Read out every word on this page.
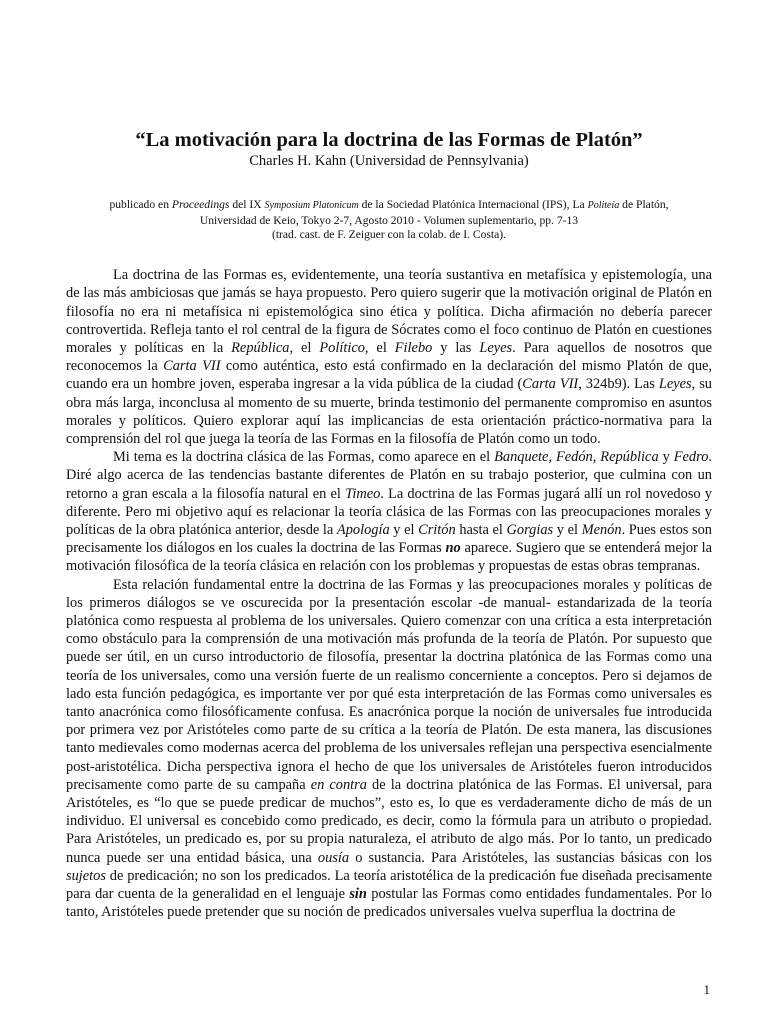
“La motivación para la doctrina de las Formas de Platón”

Charles H. Kahn (Universidad de Pennsylvania)

publicado en Proceedings del IX Symposium Platonicum de la Sociedad Platónica Internacional (IPS), La Politeía de Platón,
Universidad de Keio, Tokyo 2-7, Agosto 2010 - Volumen suplementario, pp. 7-13
(trad. cast. de F. Zeiguer con la colab. de I. Costa).

La doctrina de las Formas es, evidentemente, una teoría sustantiva en metafísica y epistemología, una de las más ambiciosas que jamás se haya propuesto. Pero quiero sugerir que la motivación original de Platón en filosofía no era ni metafísica ni epistemológica sino ética y política. Dicha afirmación no debería parecer controvertida. Refleja tanto el rol central de la figura de Sócrates como el foco continuo de Platón en cuestiones morales y políticas en la República, el Político, el Filebo y las Leyes. Para aquellos de nosotros que reconocemos la Carta VII como auténtica, esto está confirmado en la declaración del mismo Platón de que, cuando era un hombre joven, esperaba ingresar a la vida pública de la ciudad (Carta VII, 324b9). Las Leyes, su obra más larga, inconclusa al momento de su muerte, brinda testimonio del permanente compromiso en asuntos morales y políticos. Quiero explorar aquí las implicancias de esta orientación práctico-normativa para la comprensión del rol que juega la teoría de las Formas en la filosofía de Platón como un todo.

Mi tema es la doctrina clásica de las Formas, como aparece en el Banquete, Fedón, República y Fedro. Diré algo acerca de las tendencias bastante diferentes de Platón en su trabajo posterior, que culmina con un retorno a gran escala a la filosofía natural en el Timeo. La doctrina de las Formas jugará allí un rol novedoso y diferente. Pero mi objetivo aquí es relacionar la teoría clásica de las Formas con las preocupaciones morales y políticas de la obra platónica anterior, desde la Apología y el Critón hasta el Gorgias y el Menón. Pues estos son precisamente los diálogos en los cuales la doctrina de las Formas no aparece. Sugiero que se entenderá mejor la motivación filosófica de la teoría clásica en relación con los problemas y propuestas de estas obras tempranas.

Esta relación fundamental entre la doctrina de las Formas y las preocupaciones morales y políticas de los primeros diálogos se ve oscurecida por la presentación escolar -de manual- estandarizada de la teoría platónica como respuesta al problema de los universales. Quiero comenzar con una crítica a esta interpretación como obstáculo para la comprensión de una motivación más profunda de la teoría de Platón. Por supuesto que puede ser útil, en un curso introductorio de filosofía, presentar la doctrina platónica de las Formas como una teoría de los universales, como una versión fuerte de un realismo concerniente a conceptos. Pero si dejamos de lado esta función pedagógica, es importante ver por qué esta interpretación de las Formas como universales es tanto anacrónica como filosóficamente confusa. Es anacrónica porque la noción de universales fue introducida por primera vez por Aristóteles como parte de su crítica a la teoría de Platón. De esta manera, las discusiones tanto medievales como modernas acerca del problema de los universales reflejan una perspectiva esencialmente post-aristotélica. Dicha perspectiva ignora el hecho de que los universales de Aristóteles fueron introducidos precisamente como parte de su campaña en contra de la doctrina platónica de las Formas. El universal, para Aristóteles, es “lo que se puede predicar de muchos”, esto es, lo que es verdaderamente dicho de más de un individuo. El universal es concebido como predicado, es decir, como la fórmula para un atributo o propiedad. Para Aristóteles, un predicado es, por su propia naturaleza, el atributo de algo más. Por lo tanto, un predicado nunca puede ser una entidad básica, una ousía o sustancia. Para Aristóteles, las sustancias básicas con los sujetos de predicación; no son los predicados. La teoría aristotélica de la predicación fue diseñada precisamente para dar cuenta de la generalidad en el lenguaje sin postular las Formas como entidades fundamentales. Por lo tanto, Aristóteles puede pretender que su noción de predicados universales vuelva superflua la doctrina de

1
